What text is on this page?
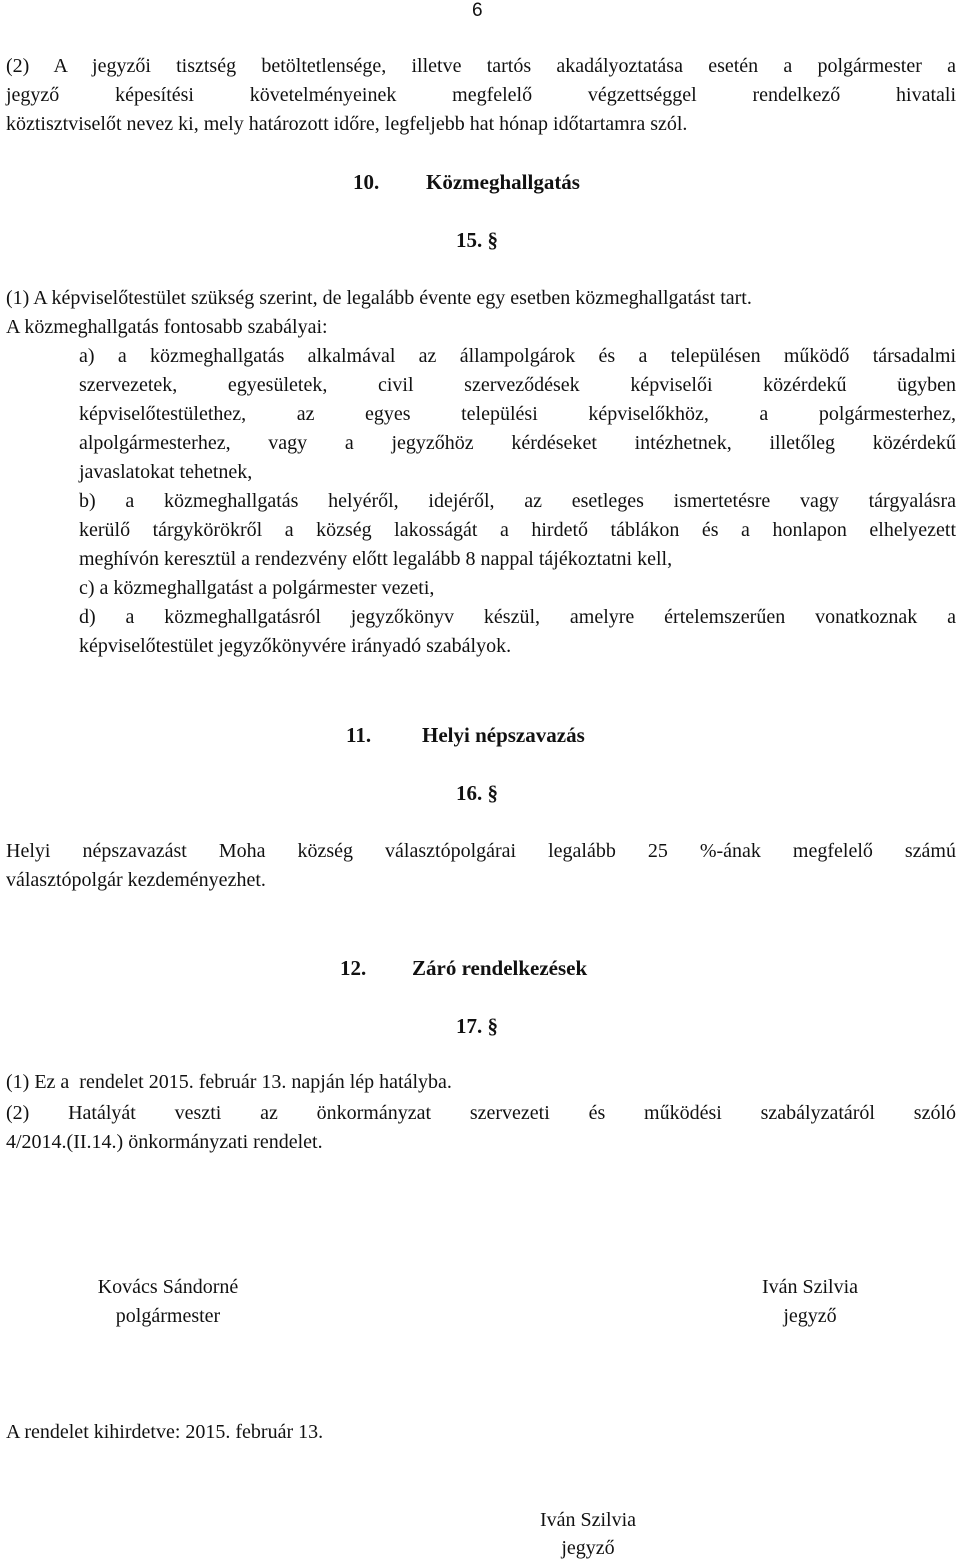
6
(2) A jegyzői tisztség betöltetlensége, illetve tartós akadályoztatása esetén a polgármester a
jegyző képesítési követelményeinek megfelelő végzettséggel rendelkező hivatali
köztisztviselőt nevez ki, mely határozott időre, legfeljebb hat hónap időtartamra szól.
10. Közmeghallgatás
15. §
(1) A képviselőtestület szükség szerint, de legalább évente egy esetben közmeghallgatást tart.
A közmeghallgatás fontosabb szabályai:
a) a közmeghallgatás alkalmával az állampolgárok és a településen működő társadalmi
szervezetek, egyesületek, civil szerveződések képviselői közérdekű ügyben
képviselőtestülethez, az egyes települési képviselőkhöz, a polgármesterhez,
alpolgármesterhez, vagy a jegyzőhöz kérdéseket intézhetnek, illetőleg közérdekű
javaslatokat tehetnek,
b) a közmeghallgatás helyéről, idejéről, az esetleges ismertetésre vagy tárgyalásra
kerülő tárgykörökről a község lakosságát a hirdető táblákon és a honlapon elhelyezett
meghívón keresztül a rendezvény előtt legalább 8 nappal tájékoztatni kell,
c) a közmeghallgatást a polgármester vezeti,
d) a közmeghallgatásról jegyzőkönyv készül, amelyre értelemszerűen vonatkoznak a
képviselőtestület jegyzőkönyvére irányadó szabályok.
11. Helyi népszavazás
16. §
Helyi népszavazást Moha község választópolgárai legalább 25 %-ának megfelelő számú
választópolgár kezdeményezhet.
12. Záró rendelkezések
17. §
(1) Ez a  rendelet 2015. február 13. napján lép hatályba.
(2) Hatályát veszti az önkormányzat szervezeti és működési szabályzatáról szóló
4/2014.(II.14.) önkormányzati rendelet.
Kovács Sándorné
polgármester
Iván Szilvia
jegyző
A rendelet kihirdetve: 2015. február 13.
Iván Szilvia
jegyző
